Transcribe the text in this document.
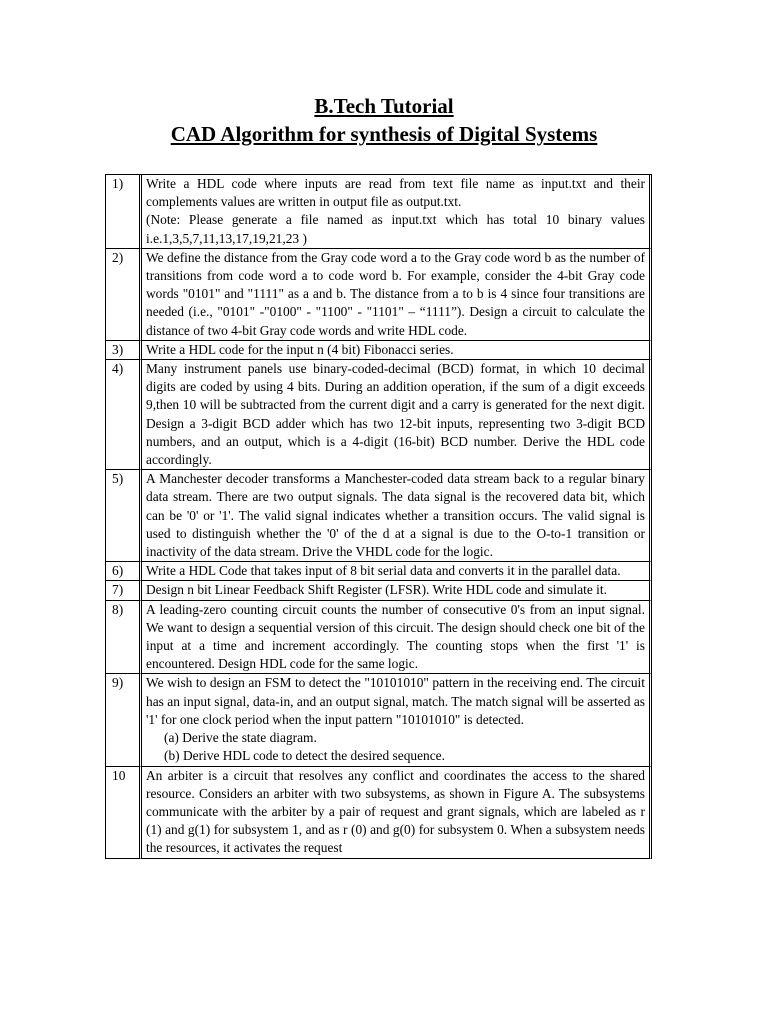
B.Tech Tutorial
CAD Algorithm for synthesis of Digital Systems
1)	Write a HDL code where inputs are read from text file name as input.txt and their complements values are written in output file as output.txt.
(Note: Please generate a file named as input.txt which has total 10 binary values i.e.1,3,5,7,11,13,17,19,21,23 )

2)	We define the distance from the Gray code word a to the Gray code word b as the number of transitions from code word a to code word b. For example, consider the 4-bit Gray code words "0101" and "1111" as a and b. The distance from a to b is 4 since four transitions are needed (i.e., "0101" -"0100" - "1100" - "1101" – “1111”). Design a circuit to calculate the distance of two 4-bit Gray code words and write HDL code.

3)	Write a HDL code for the input n (4 bit) Fibonacci series.

4)	Many instrument panels use binary-coded-decimal (BCD) format, in which 10 decimal digits are coded by using 4 bits. During an addition operation, if the sum of a digit exceeds 9,then 10 will be subtracted from the current digit and a carry is generated for the next digit. Design a 3-digit BCD adder which has two 12-bit inputs, representing two 3-digit BCD numbers, and an output, which is a 4-digit (16-bit) BCD number. Derive the HDL code accordingly.

5)	A Manchester decoder transforms a Manchester-coded data stream back to a regular binary data stream. There are two output signals. The data signal is the recovered data bit, which can be '0' or '1'. The valid signal indicates whether a transition occurs. The valid signal is used to distinguish whether the '0' of the d at a signal is due to the O-to-1 transition or inactivity of the data stream. Drive the VHDL code for the logic.

6)	Write a HDL Code that takes input of 8 bit serial data and converts it in the parallel data.

7)	Design n bit Linear Feedback Shift Register (LFSR). Write HDL code and simulate it.

8)	A leading-zero counting circuit counts the number of consecutive 0's from an input signal. We want to design a sequential version of this circuit. The design should check one bit of the input at a time and increment accordingly. The counting stops when the first '1' is encountered. Design HDL code for the same logic.

9)	We wish to design an FSM to detect the "10101010" pattern in the receiving end. The circuit has an input signal, data-in, and an output signal, match. The match signal will be asserted as '1' for one clock period when the input pattern "10101010" is detected.
(a) Derive the state diagram.
(b) Derive HDL code to detect the desired sequence.

10	An arbiter is a circuit that resolves any conflict and coordinates the access to the shared resource. Considers an arbiter with two subsystems, as shown in Figure A. The subsystems communicate with the arbiter by a pair of request and grant signals, which are labeled as r (1) and g(1) for subsystem 1, and as r (0) and g(0) for subsystem 0. When a subsystem needs the resources, it activates the request
